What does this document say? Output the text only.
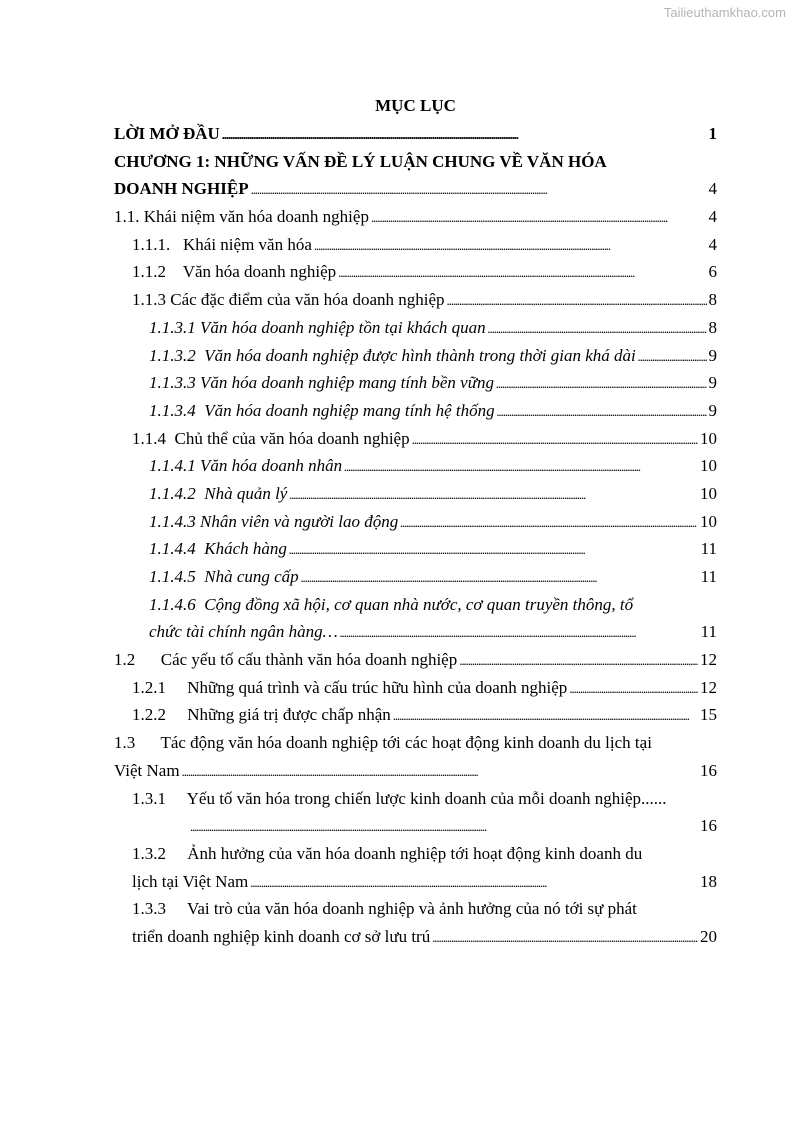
Tailieuthamkhao.com
MỤC LỤC
LỜI MỞ ĐẦU . . .	1
CHƯƠNG 1: NHỮNG VẤN ĐỀ LÝ LUẬN CHUNG VỀ VĂN HÓA
DOANH NGHIỆP . . .	4
1.1. Khái niệm văn hóa doanh nghiệp . . .	4
1.1.1.   Khái niệm văn hóa . . .	4
1.1.2    Văn hóa doanh nghiệp . . .	6
1.1.3 Các đặc điểm của văn hóa doanh nghiệp . . .	8
1.1.3.1 Văn hóa doanh nghiệp tồn tại khách quan . . .	8
1.1.3.2  Văn hóa doanh nghiệp được hình thành trong thời gian khá dài . . .	9
1.1.3.3 Văn hóa doanh nghiệp mang tính bền vững . . .	9
1.1.3.4  Văn hóa doanh nghiệp mang tính hệ thống . . .	9
1.1.4  Chủ thể của văn hóa doanh nghiệp . . .	10
1.1.4.1 Văn hóa doanh nhân . . .	10
1.1.4.2  Nhà quản lý . . .	10
1.1.4.3 Nhân viên và người lao động . . .	10
1.1.4.4  Khách hàng . . .	11
1.1.4.5  Nhà cung cấp . . .	11
1.1.4.6  Cộng đồng xã hội, cơ quan nhà nước, cơ quan truyền thông, tổ
chức tài chính ngân hàng… . . .	11
1.2      Các yếu tố cấu thành văn hóa doanh nghiệp . . .	12
1.2.1     Những quá trình và cấu trúc hữu hình của doanh nghiệp . . .	12
1.2.2     Những giá trị được chấp nhận . . .	15
1.3      Tác động văn hóa doanh nghiệp tới các hoạt động kinh doanh du lịch tại
Việt Nam . . .	16
1.3.1     Yếu tố văn hóa trong chiến lược kinh doanh của mỗi doanh nghiệp......
. . .
16
1.3.2     Ảnh hưởng của văn hóa doanh nghiệp tới hoạt động kinh doanh du
lịch tại Việt Nam . . .	18
1.3.3     Vai trò của văn hóa doanh nghiệp và ảnh hưởng của nó tới sự phát
triển doanh nghiệp kinh doanh cơ sở lưu trú . . .	20
